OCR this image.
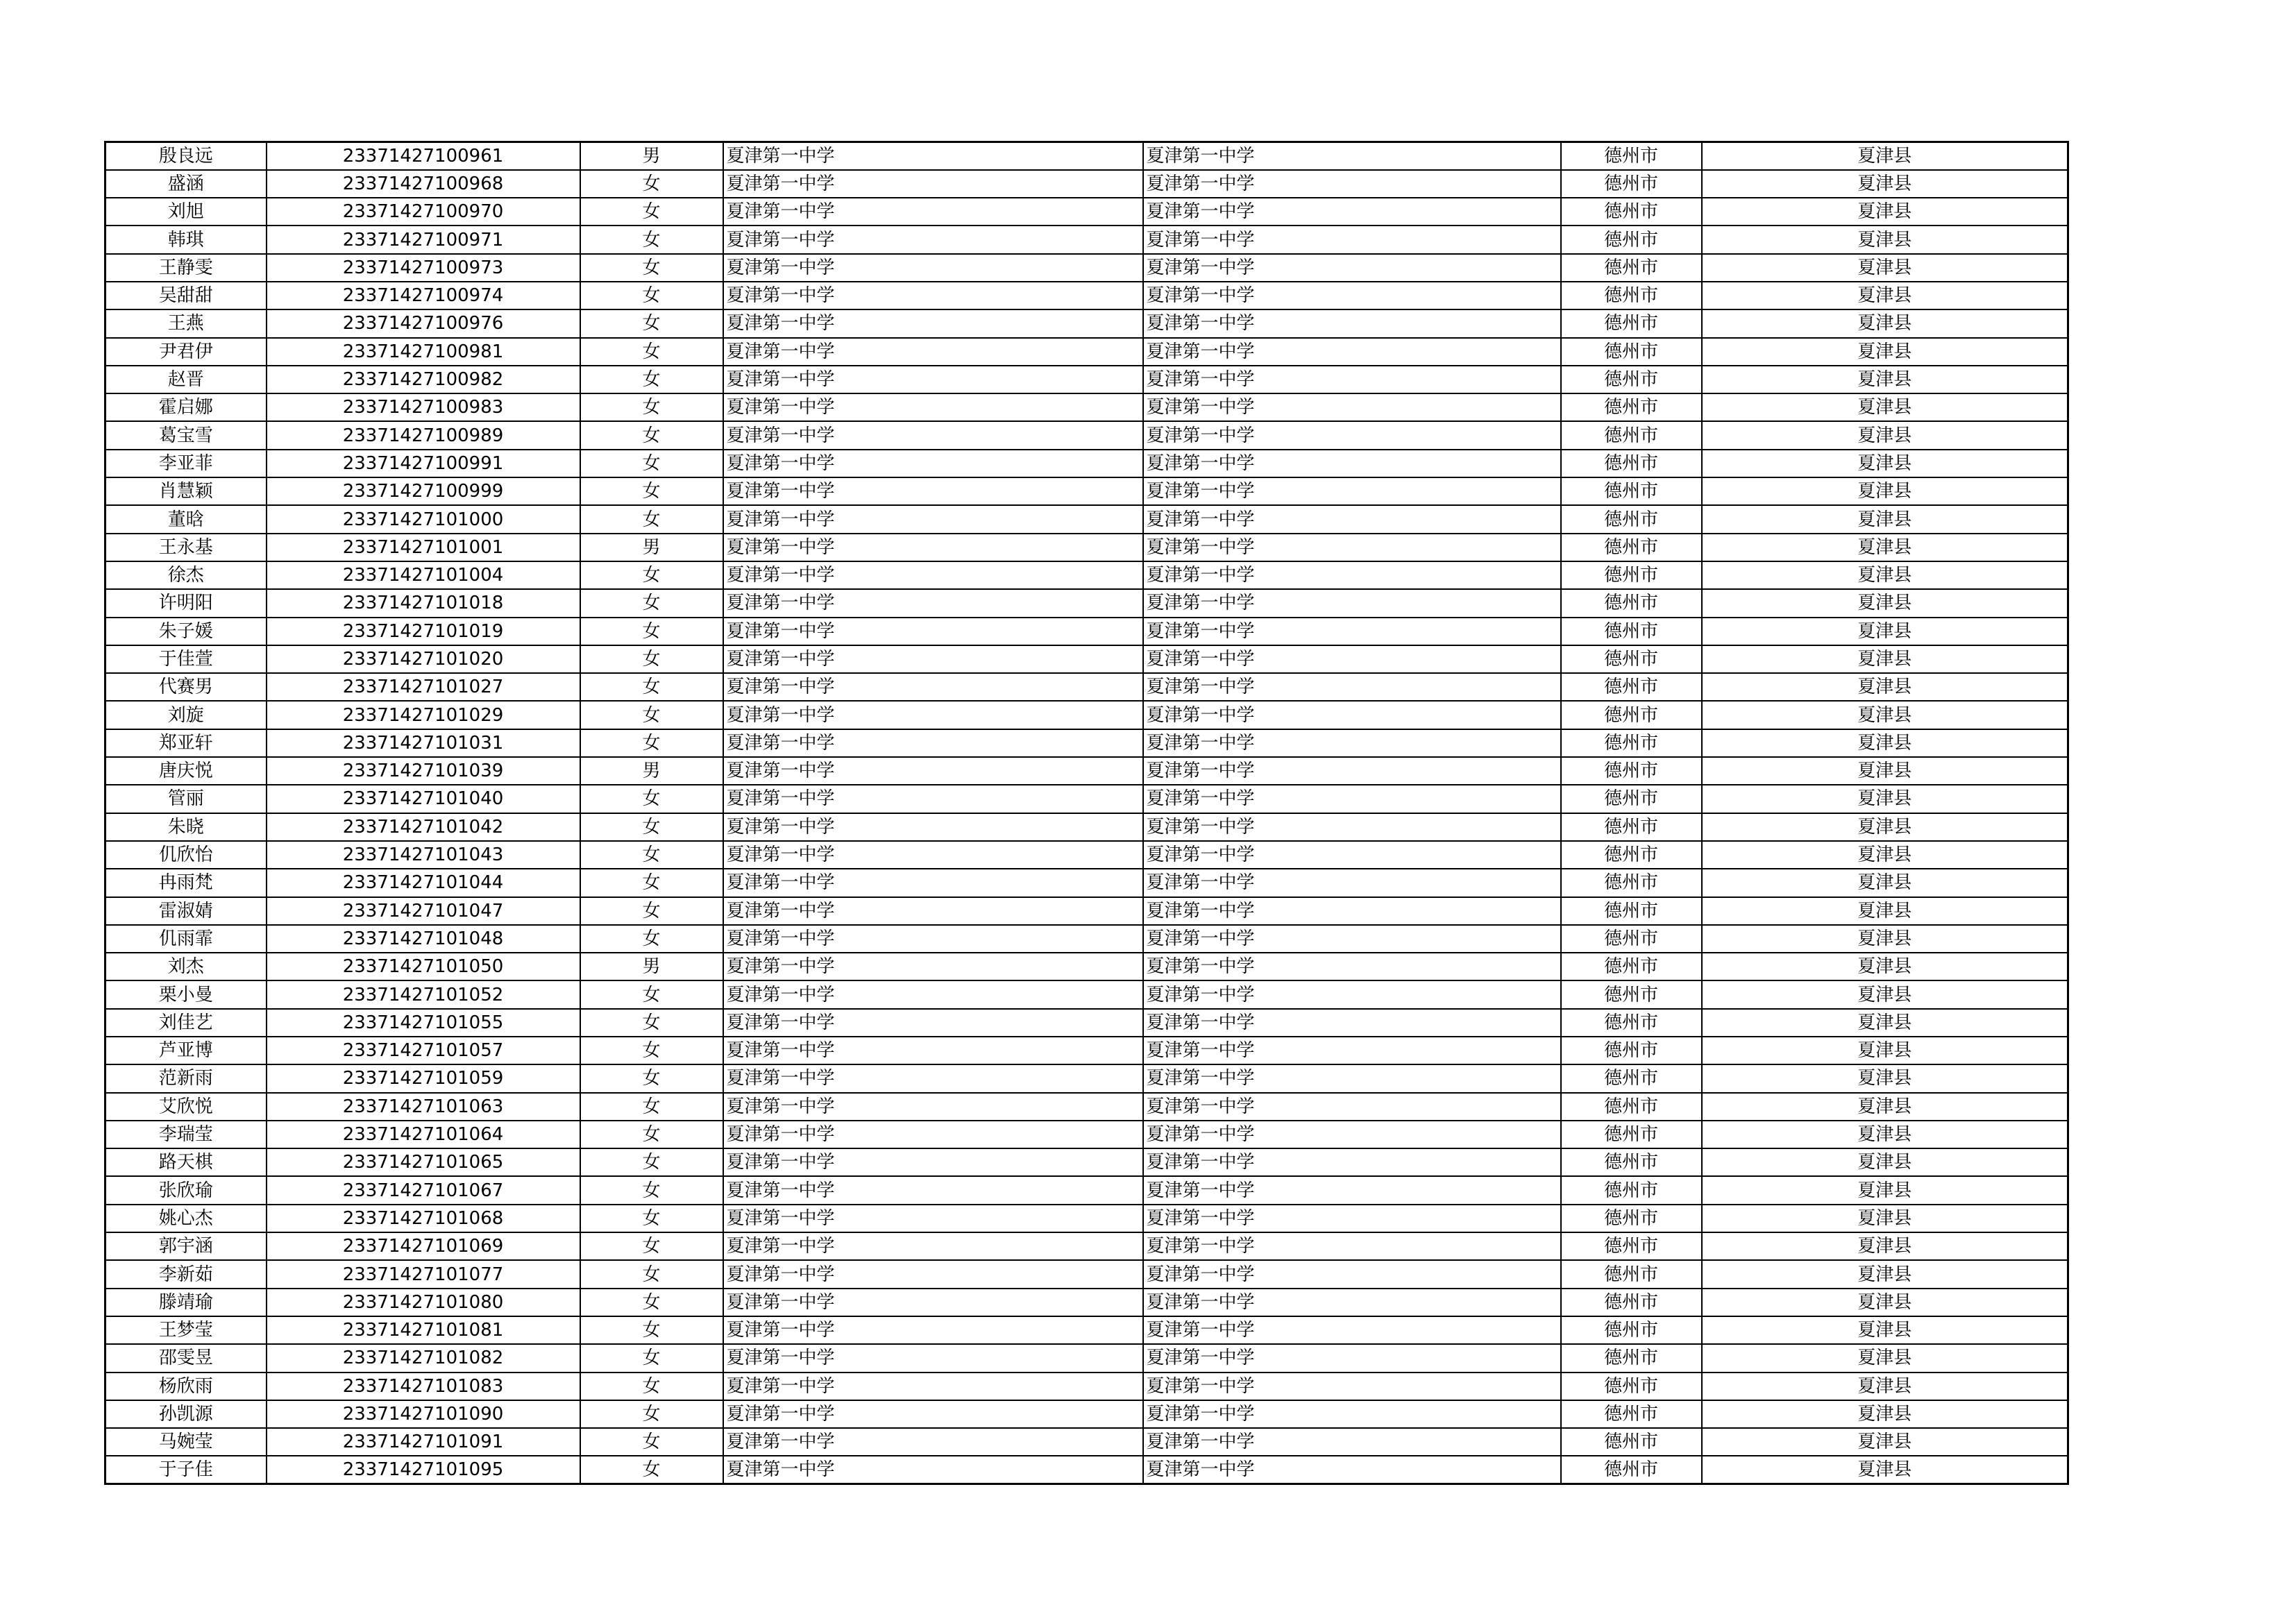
殷良远	23371427100961	男	夏津第一中学	夏津第一中学	德州市	夏津县
盛涵	23371427100968	女	夏津第一中学	夏津第一中学	德州市	夏津县
刘旭	23371427100970	女	夏津第一中学	夏津第一中学	德州市	夏津县
韩琪	23371427100971	女	夏津第一中学	夏津第一中学	德州市	夏津县
王静雯	23371427100973	女	夏津第一中学	夏津第一中学	德州市	夏津县
吴甜甜	23371427100974	女	夏津第一中学	夏津第一中学	德州市	夏津县
王燕	23371427100976	女	夏津第一中学	夏津第一中学	德州市	夏津县
尹君伊	23371427100981	女	夏津第一中学	夏津第一中学	德州市	夏津县
赵晋	23371427100982	女	夏津第一中学	夏津第一中学	德州市	夏津县
霍启娜	23371427100983	女	夏津第一中学	夏津第一中学	德州市	夏津县
葛宝雪	23371427100989	女	夏津第一中学	夏津第一中学	德州市	夏津县
李亚菲	23371427100991	女	夏津第一中学	夏津第一中学	德州市	夏津县
肖慧颖	23371427100999	女	夏津第一中学	夏津第一中学	德州市	夏津县
董晗	23371427101000	女	夏津第一中学	夏津第一中学	德州市	夏津县
王永基	23371427101001	男	夏津第一中学	夏津第一中学	德州市	夏津县
徐杰	23371427101004	女	夏津第一中学	夏津第一中学	德州市	夏津县
许明阳	23371427101018	女	夏津第一中学	夏津第一中学	德州市	夏津县
朱子媛	23371427101019	女	夏津第一中学	夏津第一中学	德州市	夏津县
于佳萱	23371427101020	女	夏津第一中学	夏津第一中学	德州市	夏津县
代赛男	23371427101027	女	夏津第一中学	夏津第一中学	德州市	夏津县
刘旋	23371427101029	女	夏津第一中学	夏津第一中学	德州市	夏津县
郑亚轩	23371427101031	女	夏津第一中学	夏津第一中学	德州市	夏津县
唐庆悦	23371427101039	男	夏津第一中学	夏津第一中学	德州市	夏津县
管丽	23371427101040	女	夏津第一中学	夏津第一中学	德州市	夏津县
朱晓	23371427101042	女	夏津第一中学	夏津第一中学	德州市	夏津县
仉欣怡	23371427101043	女	夏津第一中学	夏津第一中学	德州市	夏津县
冉雨梵	23371427101044	女	夏津第一中学	夏津第一中学	德州市	夏津县
雷淑婧	23371427101047	女	夏津第一中学	夏津第一中学	德州市	夏津县
仉雨霏	23371427101048	女	夏津第一中学	夏津第一中学	德州市	夏津县
刘杰	23371427101050	男	夏津第一中学	夏津第一中学	德州市	夏津县
栗小曼	23371427101052	女	夏津第一中学	夏津第一中学	德州市	夏津县
刘佳艺	23371427101055	女	夏津第一中学	夏津第一中学	德州市	夏津县
芦亚博	23371427101057	女	夏津第一中学	夏津第一中学	德州市	夏津县
范新雨	23371427101059	女	夏津第一中学	夏津第一中学	德州市	夏津县
艾欣悦	23371427101063	女	夏津第一中学	夏津第一中学	德州市	夏津县
李瑞莹	23371427101064	女	夏津第一中学	夏津第一中学	德州市	夏津县
路天棋	23371427101065	女	夏津第一中学	夏津第一中学	德州市	夏津县
张欣瑜	23371427101067	女	夏津第一中学	夏津第一中学	德州市	夏津县
姚心杰	23371427101068	女	夏津第一中学	夏津第一中学	德州市	夏津县
郭宇涵	23371427101069	女	夏津第一中学	夏津第一中学	德州市	夏津县
李新茹	23371427101077	女	夏津第一中学	夏津第一中学	德州市	夏津县
滕靖瑜	23371427101080	女	夏津第一中学	夏津第一中学	德州市	夏津县
王梦莹	23371427101081	女	夏津第一中学	夏津第一中学	德州市	夏津县
邵雯昱	23371427101082	女	夏津第一中学	夏津第一中学	德州市	夏津县
杨欣雨	23371427101083	女	夏津第一中学	夏津第一中学	德州市	夏津县
孙凯源	23371427101090	女	夏津第一中学	夏津第一中学	德州市	夏津县
马婉莹	23371427101091	女	夏津第一中学	夏津第一中学	德州市	夏津县
于子佳	23371427101095	女	夏津第一中学	夏津第一中学	德州市	夏津县
